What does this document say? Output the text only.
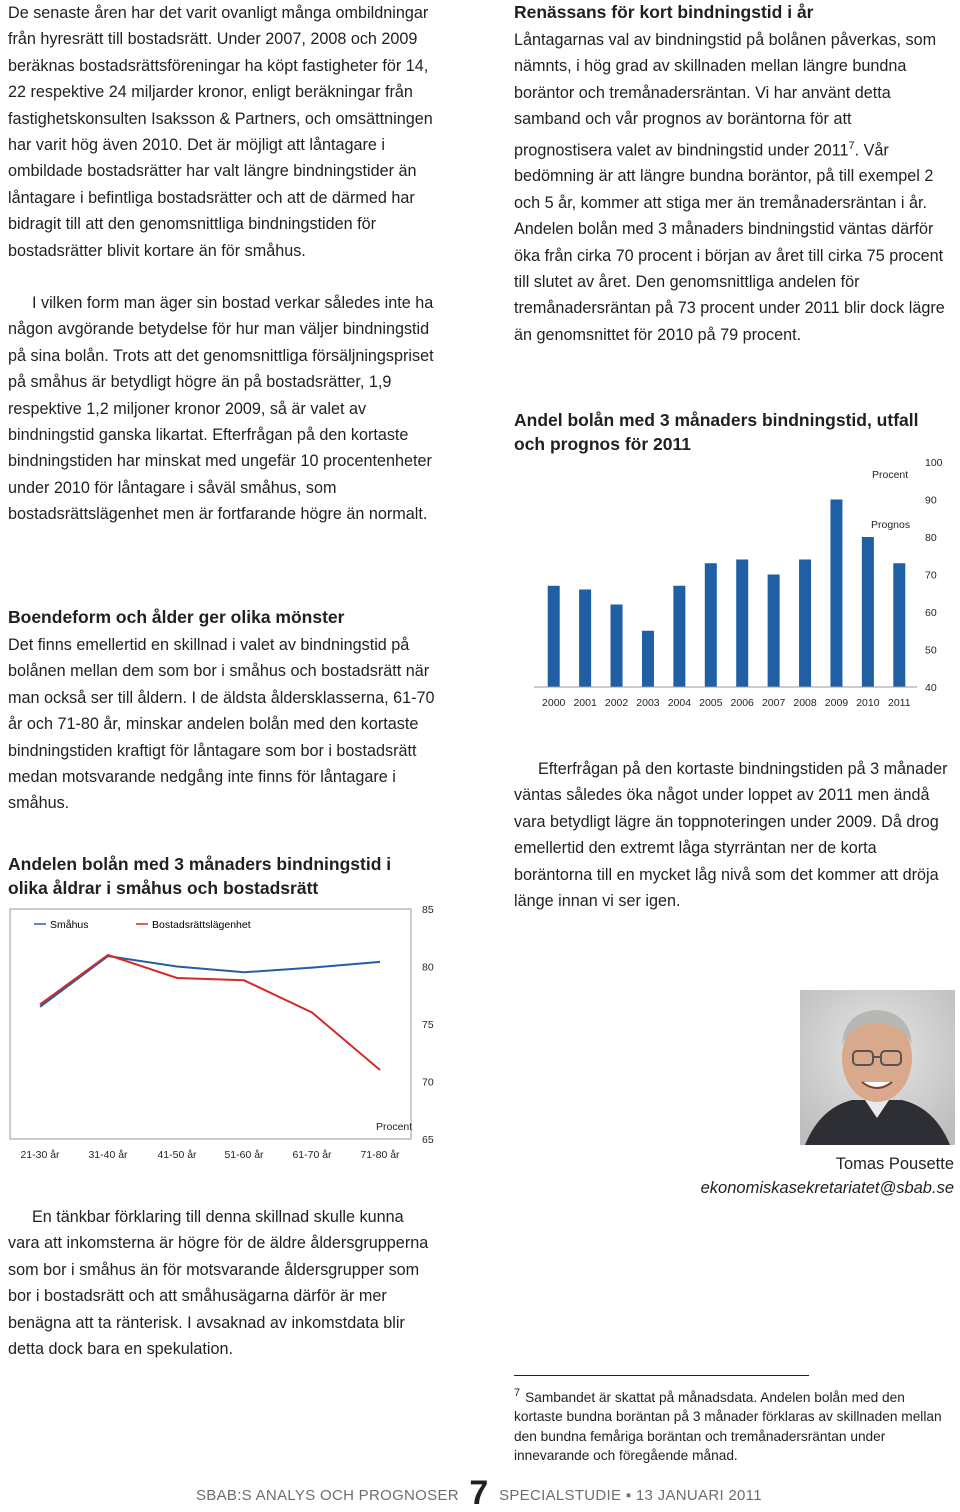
De senaste åren har det varit ovanligt många ombildningar från hyresrätt till bostadsrätt. Under 2007, 2008 och 2009 beräknas bostadsrättsföreningar ha köpt fastigheter för 14, 22 respektive 24 miljarder kronor, enligt beräkningar från fastighetskonsulten Isaksson & Partners, och omsättningen har varit hög även 2010. Det är möjligt att låntagare i ombildade bostadsrätter har valt längre bindningstider än låntagare i befintliga bostadsrätter och att de därmed har bidragit till att den genomsnittliga bindningstiden för bostadsrätter blivit kortare än för småhus.

I vilken form man äger sin bostad verkar således inte ha någon avgörande betydelse för hur man väljer bindningstid på sina bolån. Trots att det genomsnittliga försäljningspriset på småhus är betydligt högre än på bostadsrätter, 1,9 respektive 1,2 miljoner kronor 2009, så är valet av bindningstid ganska likartat. Efterfrågan på den kortaste bindningstiden har minskat med ungefär 10 procentenheter under 2010 för låntagare i såväl småhus, som bostadsrättslägenhet men är fortfarande högre än normalt.

Boendeform och ålder ger olika mönster

Det finns emellertid en skillnad i valet av bindningstid på bolånen mellan dem som bor i småhus och bostadsrätt när man också ser till åldern. I de äldsta åldersklasserna, 61-70 år och 71-80 år, minskar andelen bolån med den kortaste bindningstiden kraftigt för låntagare som bor i bostadsrätt medan motsvarande nedgång inte finns för låntagare i småhus.

Andelen bolån med 3 månaders bindningstid i olika åldrar i småhus och bostadsrätt

65
70
75
80
85
21-30 år	31-40 år	41-50 år	51-60 år	61-70 år	71-80 år
Småhus	Bostadsrättslägenhet
Procent

En tänkbar förklaring till denna skillnad skulle kunna vara att inkomsterna är högre för de äldre åldersgrupperna som bor i småhus än för motsvarande åldersgrupper som bor i bostadsrätt och att småhusägarna därför är mer benägna att ta ränterisk. I avsaknad av inkomstdata blir detta dock bara en spekulation.

Renässans för kort bindningstid i år

Låntagarnas val av bindningstid på bolånen påverkas, som nämnts, i hög grad av skillnaden mellan längre bundna boräntor och tremånadersräntan. Vi har använt detta samband och vår prognos av boräntorna för att prognostisera valet av bindningstid under 2011$^7$. Vår bedömning är att längre bundna boräntor, på till exempel 2 och 5 år, kommer att stiga mer än tremånadersräntan i år. Andelen bolån med 3 månaders bindningstid väntas därför öka från cirka 70 procent i början av året till cirka 75 procent till slutet av året. Den genomsnittliga andelen för tremånadersräntan på 73 procent under 2011 blir dock lägre än genomsnittet för 2010 på 79 procent.

Andel bolån med 3 månaders bindningstid, utfall och prognos för 2011

40
50
60
70
80
90
100
2000 2001 2002 2003 2004 2005 2006 2007 2008 2009 2010 2011
Procent
Prognos

Efterfrågan på den kortaste bindningstiden på 3 månader väntas således öka något under loppet av 2011 men ändå vara betydligt lägre än toppnoteringen under 2009. Då drog emellertid den extremt låga styrräntan ner de korta boräntorna till en mycket låg nivå som det kommer att dröja länge innan vi ser igen.

Tomas Pousette
ekonomiskasekretariatet@sbab.se
$^7$ Sambandet är skattat på månadsdata. Andelen bolån med den kortaste bundna boräntan på 3 månader förklaras av skillnaden mellan den bundna femåriga boräntan och tremånadersräntan under innevarande och föregående månad.
SBAB:S ANALYS OCH PROGNOSER 7 SPECIALSTUDIE ▪ 13 JANUARI 2011
